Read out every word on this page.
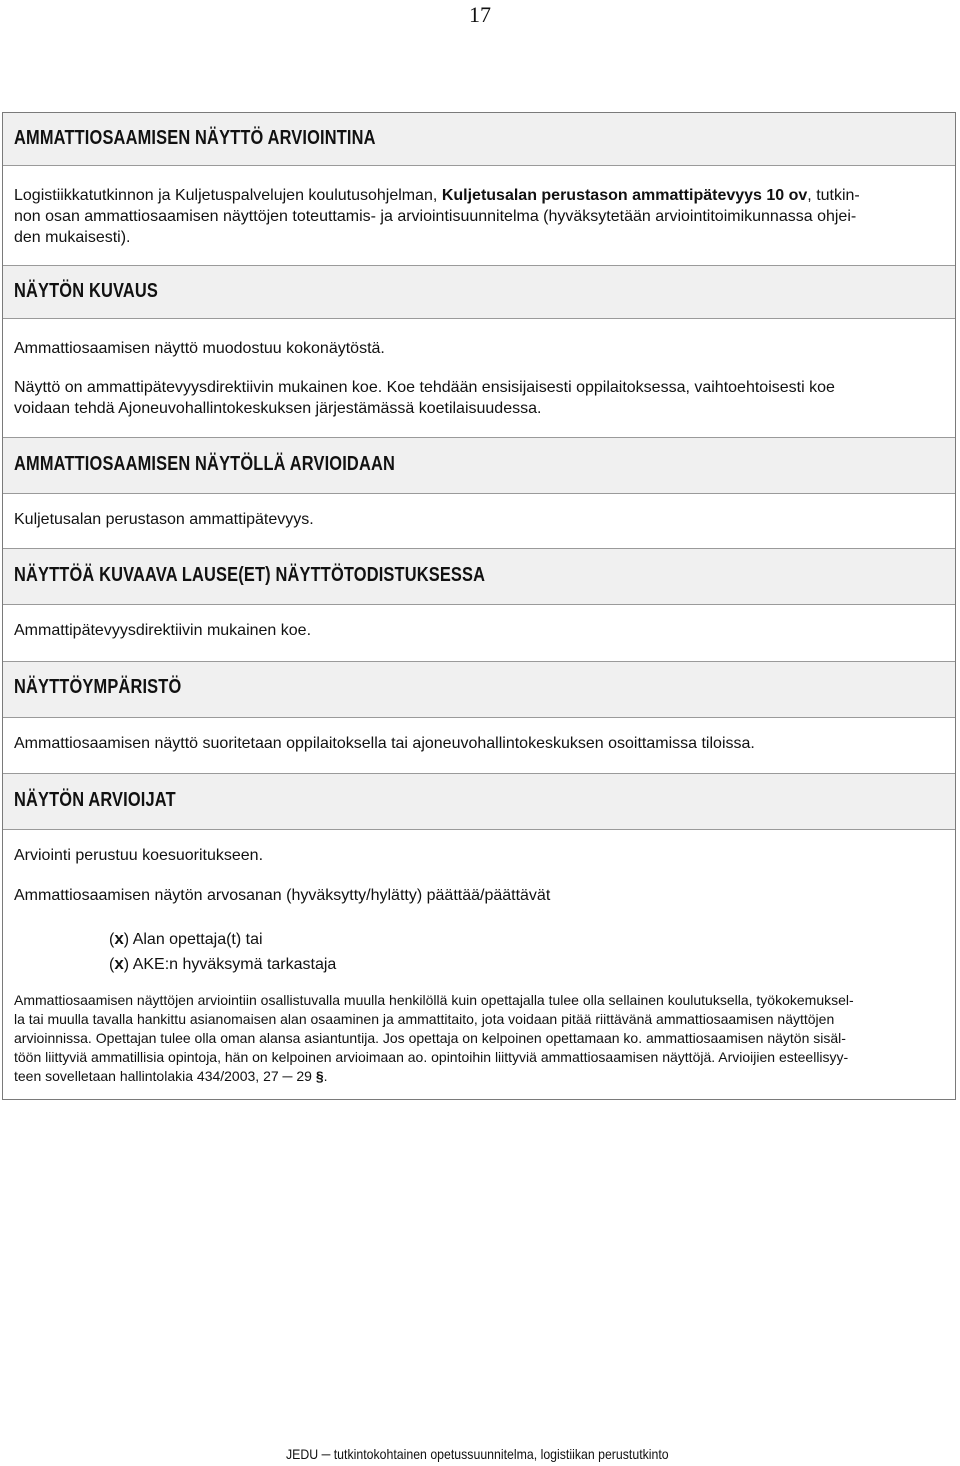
17
AMMATTIOSAAMISEN NÄYTTÖ ARVIOINTINA
Logistiikkatutkinnon ja Kuljetuspalvelujen koulutusohjelman, Kuljetusalan perustason ammattipätevyys 10 ov, tutkin-
non osan ammattiosaamisen näyttöjen toteuttamis- ja arviointisuunnitelma (hyväksytetään arviointitoimikunnassa ohjei-
den mukaisesti).
NÄYTÖN KUVAUS
Ammattiosaamisen näyttö muodostuu kokonäytöstä.
Näyttö on ammattipätevyysdirektiivin mukainen koe. Koe tehdään ensisijaisesti oppilaitoksessa, vaihtoehtoisesti koe
voidaan tehdä Ajoneuvohallintokeskuksen järjestämässä koetilaisuudessa.
AMMATTIOSAAMISEN NÄYTÖLLÄ ARVIOIDAAN
Kuljetusalan perustason ammattipätevyys.
NÄYTTÖÄ KUVAAVA LAUSE(ET) NÄYTTÖTODISTUKSESSA
Ammattipätevyysdirektiivin mukainen koe.
NÄYTTÖYMPÄRISTÖ
Ammattiosaamisen näyttö suoritetaan oppilaitoksella tai ajoneuvohallintokeskuksen osoittamissa tiloissa.
NÄYTÖN ARVIOIJAT
Arviointi perustuu koesuoritukseen.
Ammattiosaamisen näytön arvosanan (hyväksytty/hylätty) päättää/päättävät
(x) Alan opettaja(t) tai
(x) AKE:n hyväksymä tarkastaja
Ammattiosaamisen näyttöjen arviointiin osallistuvalla muulla henkilöllä kuin opettajalla tulee olla sellainen koulutuksella, työkokemuksel-
la tai muulla tavalla hankittu asianomaisen alan osaaminen ja ammattitaito, jota voidaan pitää riittävänä ammattiosaamisen näyttöjen
arvioinnissa. Opettajan tulee olla oman alansa asiantuntija. Jos opettaja on kelpoinen opettamaan ko. ammattiosaamisen näytön sisäl-
töön liittyviä ammatillisia opintoja, hän on kelpoinen arvioimaan ao. opintoihin liittyviä ammattiosaamisen näyttöjä. Arvioijien esteellisyy-
teen sovelletaan hallintolakia 434/2003, 27 ─ 29 §.
JEDU ─ tutkintokohtainen opetussuunnitelma, logistiikan perustutkinto
